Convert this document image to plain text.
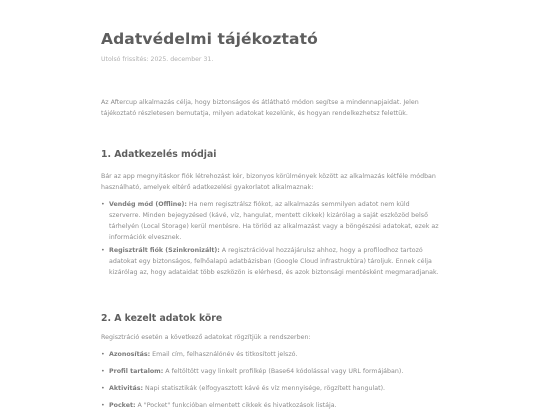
Adatvédelmi tájékoztató

Utolsó frissítés: 2025. december 31.

Az Aftercup alkalmazás célja, hogy biztonságos és átlátható módon segítse a mindennapjaidat. Jelen tájékoztató részletesen bemutatja, milyen adatokat kezelünk, és hogyan rendelkezhetsz felettük.

1. Adatkezelés módjai

Bár az app megnyitáskor fiók létrehozást kér, bizonyos körülmények között az alkalmazás kétféle módban használható, amelyek eltérő adatkezelési gyakorlatot alkalmaznak:

• Vendég mód (Offline): Ha nem regisztrálsz fiókot, az alkalmazás semmilyen adatot nem küld szerverre. Minden bejegyzésed (kávé, víz, hangulat, mentett cikkek) kizárólag a saját eszközöd belső tárhelyén (Local Storage) kerül mentésre. Ha törlöd az alkalmazást vagy a böngészési adatokat, ezek az információk elvesznek.
• Regisztrált fiók (Szinkronizált): A regisztrációval hozzájárulsz ahhoz, hogy a profilodhoz tartozó adatokat egy biztonságos, felhőalapú adatbázisban (Google Cloud infrastruktúra) tároljuk. Ennek célja kizárólag az, hogy adataidat több eszközön is elérhesd, és azok biztonsági mentésként megmaradjanak.
2. A kezelt adatok köre

Regisztráció esetén a következő adatokat rögzítjük a rendszerben:

• Azonosítás: Email cím, felhasználónév és titkosított jelszó.
• Profil tartalom: A feltöltött vagy linkelt profilkép (Base64 kódolással vagy URL formájában).
• Aktivitás: Napi statisztikák (elfogyasztott kávé és víz mennyisége, rögzített hangulat).
• Pocket: A "Pocket" funkcióban elmentett cikkek és hivatkozások listája.
